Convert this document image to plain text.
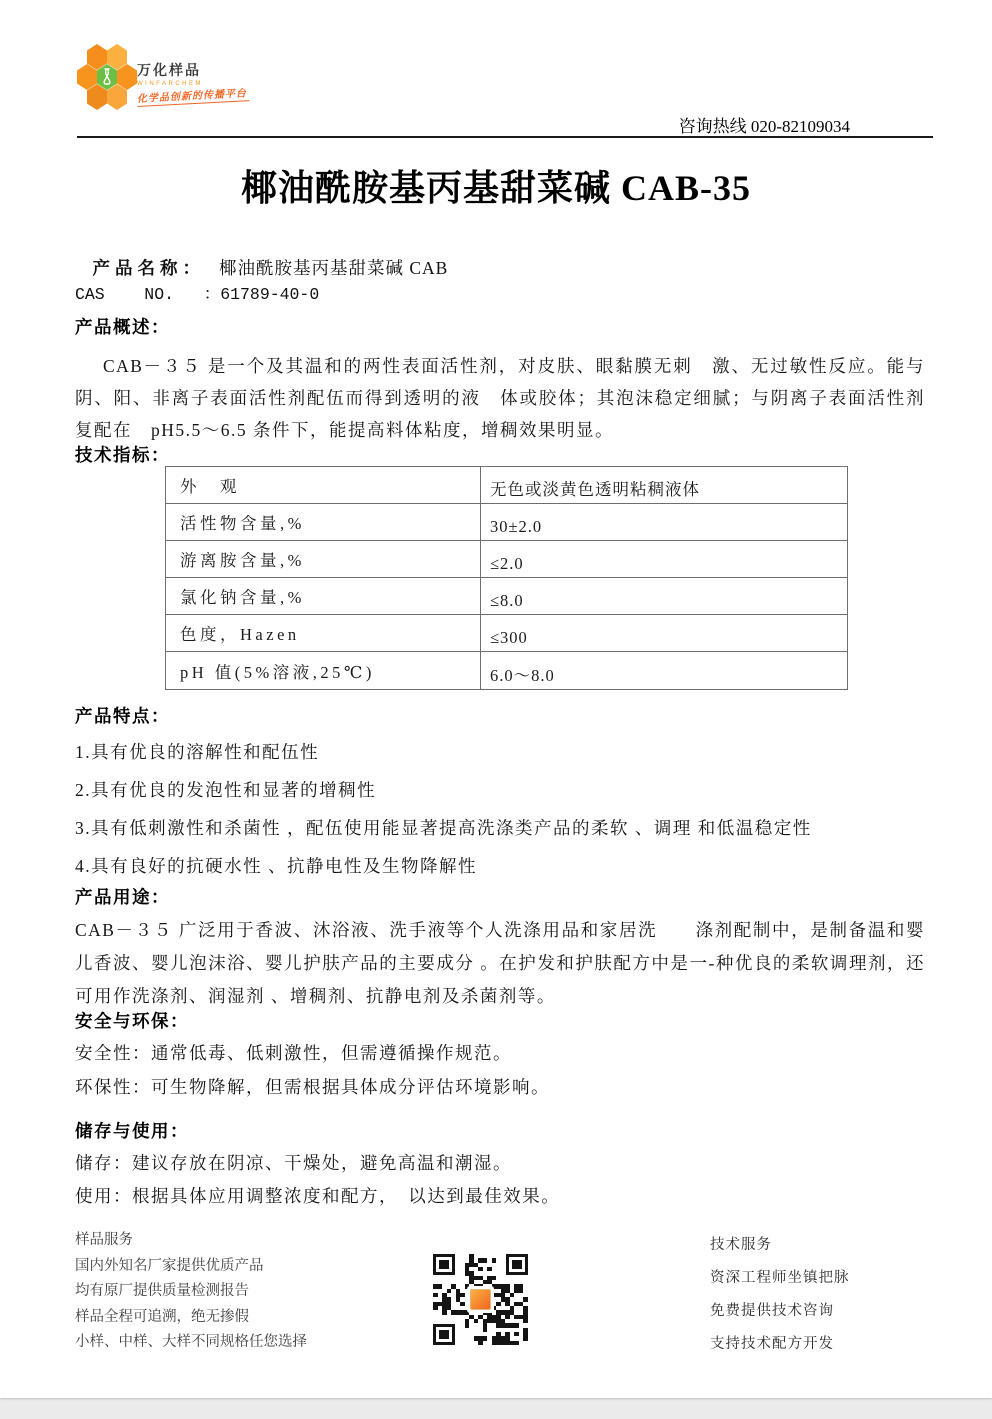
万化样品
WINFARCHEM
化学品创新的传播平台
咨询热线 020-82109034
椰油酰胺基丙基甜菜碱 CAB-35

产品名称： 椰油酰胺基丙基甜菜碱 CAB

CAS    NO.   ：61789-40-0
产品概述：
CAB－３５ 是一个及其温和的两性表面活性剂，对皮肤、眼黏膜无刺　激、无过敏性反应。能与阴、阳、非离子表面活性剂配伍而得到透明的液　体或胶体；其泡沫稳定细腻；与阴离子表面活性剂复配在　pH5.5～6.5 条件下，能提高料体粘度，增稠效果明显。
技术指标：
外　观	无色或淡黄色透明粘稠液体
活性物含量,%	30±2.0
游离胺含量,%	≤2.0
氯化钠含量,%	≤8.0
色度，Hazen	≤300
pH 值(5%溶液,25℃)	6.0～8.0
产品特点：
1.具有优良的溶解性和配伍性
2.具有优良的发泡性和显著的增稠性
3.具有低刺激性和杀菌性 ，配伍使用能显著提高洗涤类产品的柔软 、调理 和低温稳定性
4.具有良好的抗硬水性 、抗静电性及生物降解性
产品用途：
CAB－３５ 广泛用于香波、沐浴液、洗手液等个人洗涤用品和家居洗　　涤剂配制中，是制备温和婴儿香波、婴儿泡沫浴、婴儿护肤产品的主要成分 。在护发和护肤配方中是一-种优良的柔软调理剂，还可用作洗涤剂、润湿剂 、增稠剂、抗静电剂及杀菌剂等。
安全与环保：
安全性：通常低毒、低刺激性，但需遵循操作规范。
环保性：可生物降解，但需根据具体成分评估环境影响。
储存与使用：
储存：建议存放在阴凉、干燥处，避免高温和潮湿。
使用：根据具体应用调整浓度和配方，　以达到最佳效果。
样品服务
国内外知名厂家提供优质产品
均有原厂提供质量检测报告
样品全程可追溯，绝无掺假
小样、中样、大样不同规格任您选择
技术服务
资深工程师坐镇把脉
免费提供技术咨询
支持技术配方开发
